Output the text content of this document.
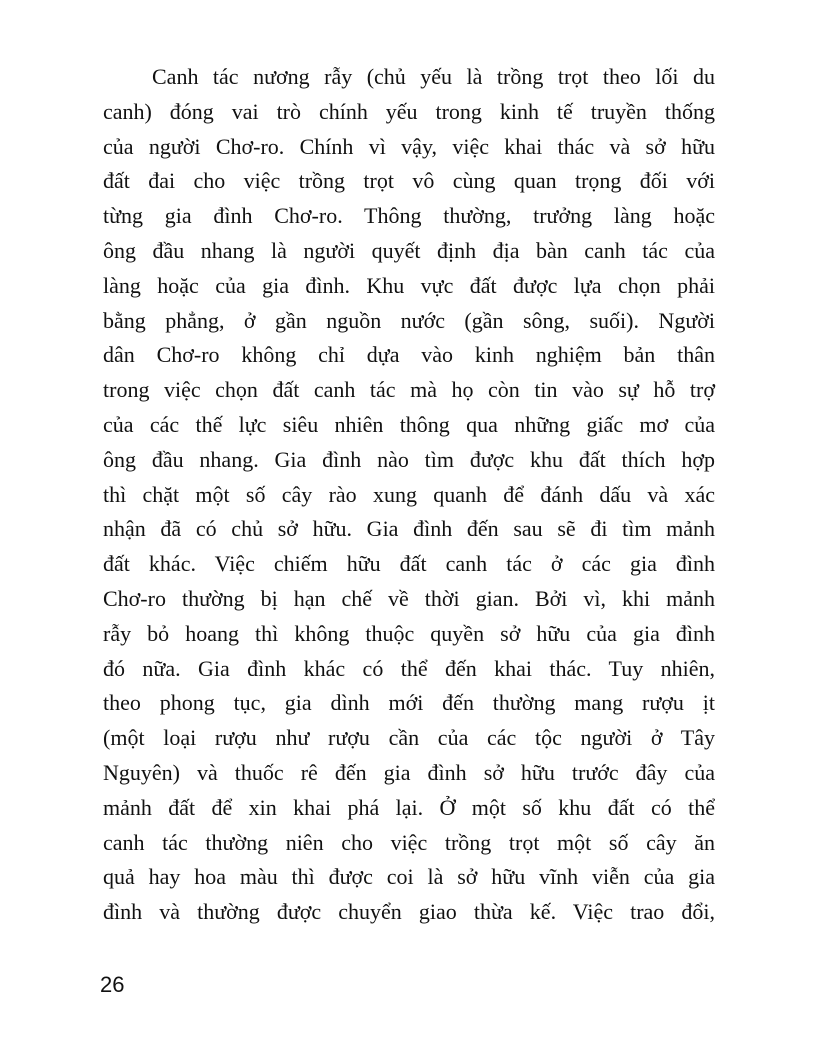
Canh tác nương rẫy (chủ yếu là trồng trọt theo lối du
canh) đóng vai trò chính yếu trong kinh tế truyền thống
của người Chơ-ro. Chính vì vậy, việc khai thác và sở hữu
đất đai cho việc trồng trọt vô cùng quan trọng đối với
từng gia đình Chơ-ro. Thông thường, trưởng làng hoặc
ông đầu nhang là người quyết định địa bàn canh tác của
làng hoặc của gia đình. Khu vực đất được lựa chọn phải
bằng phẳng, ở gần nguồn nước (gần sông, suối). Người
dân Chơ-ro không chỉ dựa vào kinh nghiệm bản thân
trong việc chọn đất canh tác mà họ còn tin vào sự hỗ trợ
của các thế lực siêu nhiên thông qua những giấc mơ của
ông đầu nhang. Gia đình nào tìm được khu đất thích hợp
thì chặt một số cây rào xung quanh để đánh dấu và xác
nhận đã có chủ sở hữu. Gia đình đến sau sẽ đi tìm mảnh
đất khác. Việc chiếm hữu đất canh tác ở các gia đình
Chơ-ro thường bị hạn chế về thời gian. Bởi vì, khi mảnh
rẫy bỏ hoang thì không thuộc quyền sở hữu của gia đình
đó nữa. Gia đình khác có thể đến khai thác. Tuy nhiên,
theo phong tục, gia dình mới đến thường mang rượu ịt
(một loại rượu như rượu cần của các tộc người ở Tây
Nguyên) và thuốc rê đến gia đình sở hữu trước đây của
mảnh đất để xin khai phá lại. Ở một số khu đất có thể
canh tác thường niên cho việc trồng trọt một số cây ăn
quả hay hoa màu thì được coi là sở hữu vĩnh viễn của gia
đình và thường được chuyển giao thừa kế. Việc trao đổi,
26
